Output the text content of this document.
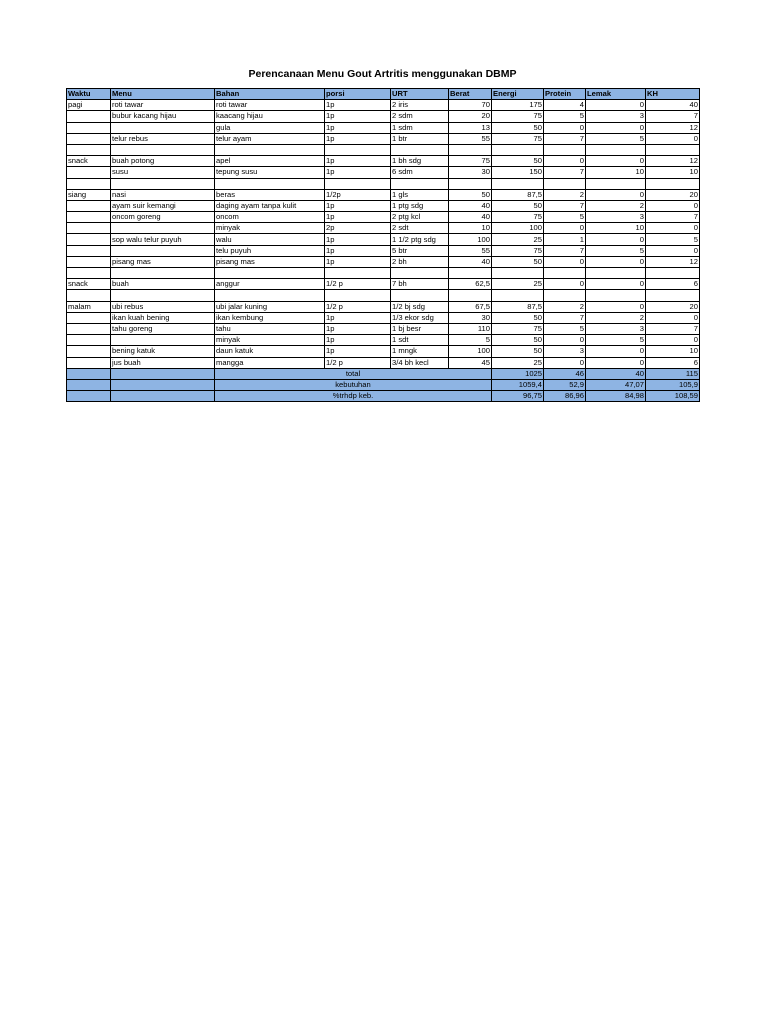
Perencanaan Menu Gout Artritis menggunakan DBMP
Waktu	Menu	Bahan	porsi	URT	Berat	Energi	Protein	Lemak	KH
pagi	roti tawar	roti tawar	1p	2 iris	70	175	4	0	40
	bubur kacang hijau	kaacang hijau	1p	2 sdm	20	75	5	3	7
		gula	1p	1 sdm	13	50	0	0	12
	telur rebus	telur ayam	1p	1 btr	55	75	7	5	0

snack	buah potong	apel	1p	1 bh sdg	75	50	0	0	12
	susu	tepung susu	1p	6 sdm	30	150	7	10	10

siang	nasi	beras	1/2p	1 gls	50	87,5	2	0	20
	ayam suir kemangi	daging ayam tanpa kulit	1p	1 ptg sdg	40	50	7	2	0
	oncom goreng	oncom	1p	2 ptg kcl	40	75	5	3	7
		minyak	2p	2 sdt	10	100	0	10	0
	sop walu telur puyuh	walu	1p	1 1/2 ptg sdg	100	25	1	0	5
		telu puyuh	1p	5 btr	55	75	7	5	0
	pisang mas	pisang mas	1p	2 bh	40	50	0	0	12

snack	buah	anggur	1/2 p	7 bh	62,5	25	0	0	6

malam	ubi rebus	ubi jalar kuning	1/2 p	1/2 bj sdg	67,5	87,5	2	0	20
	ikan kuah bening	ikan kembung	1p	1/3 ekor sdg	30	50	7	2	0
	tahu goreng	tahu	1p	1 bj besr	110	75	5	3	7
		minyak	1p	1 sdt	5	50	0	5	0
	bening katuk	daun katuk	1p	1 mngk	100	50	3	0	10
	jus buah	mangga	1/2 p	3/4 bh kecl	45	25	0	0	6
		total				1025	46	40	115
		kebutuhan				1059,4	52,9	47,07	105,9
		%trhdp keb.				96,75	86,96	84,98	108,59
